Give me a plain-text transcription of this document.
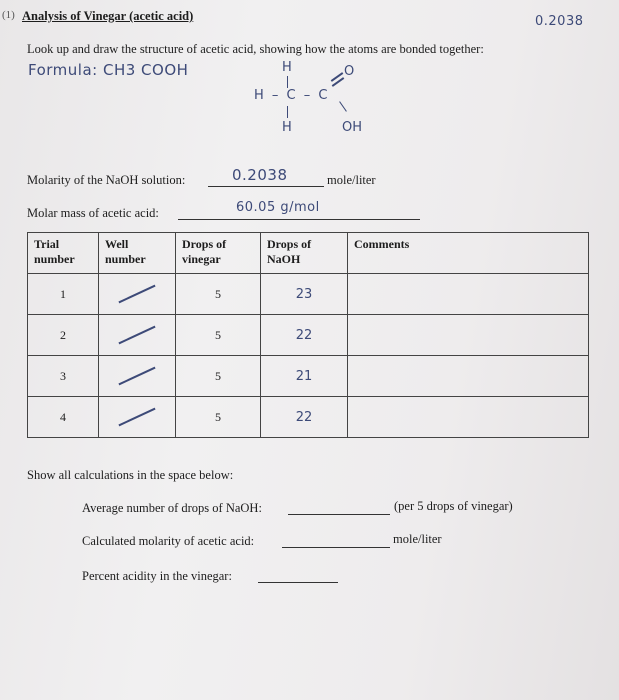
(1) Analysis of Vinegar (acetic acid)	0.2038
Look up and draw the structure of acetic acid, showing how the atoms are bonded together:
Formula: CH3 COOH	H
H – C – C
O
H	OH
Molarity of the NaOH solution:	0.2038	mole/liter
Molar mass of acetic acid:	60.05 g/mol
Trial number	Well number	Drops of vinegar	Drops of NaOH	Comments
1		5	23	
2		5	22	
3		5	21	
4		5	22	
Show all calculations in the space below:
Average number of drops of NaOH:	(per 5 drops of vinegar)
Calculated molarity of acetic acid:	mole/liter
Percent acidity in the vinegar:
